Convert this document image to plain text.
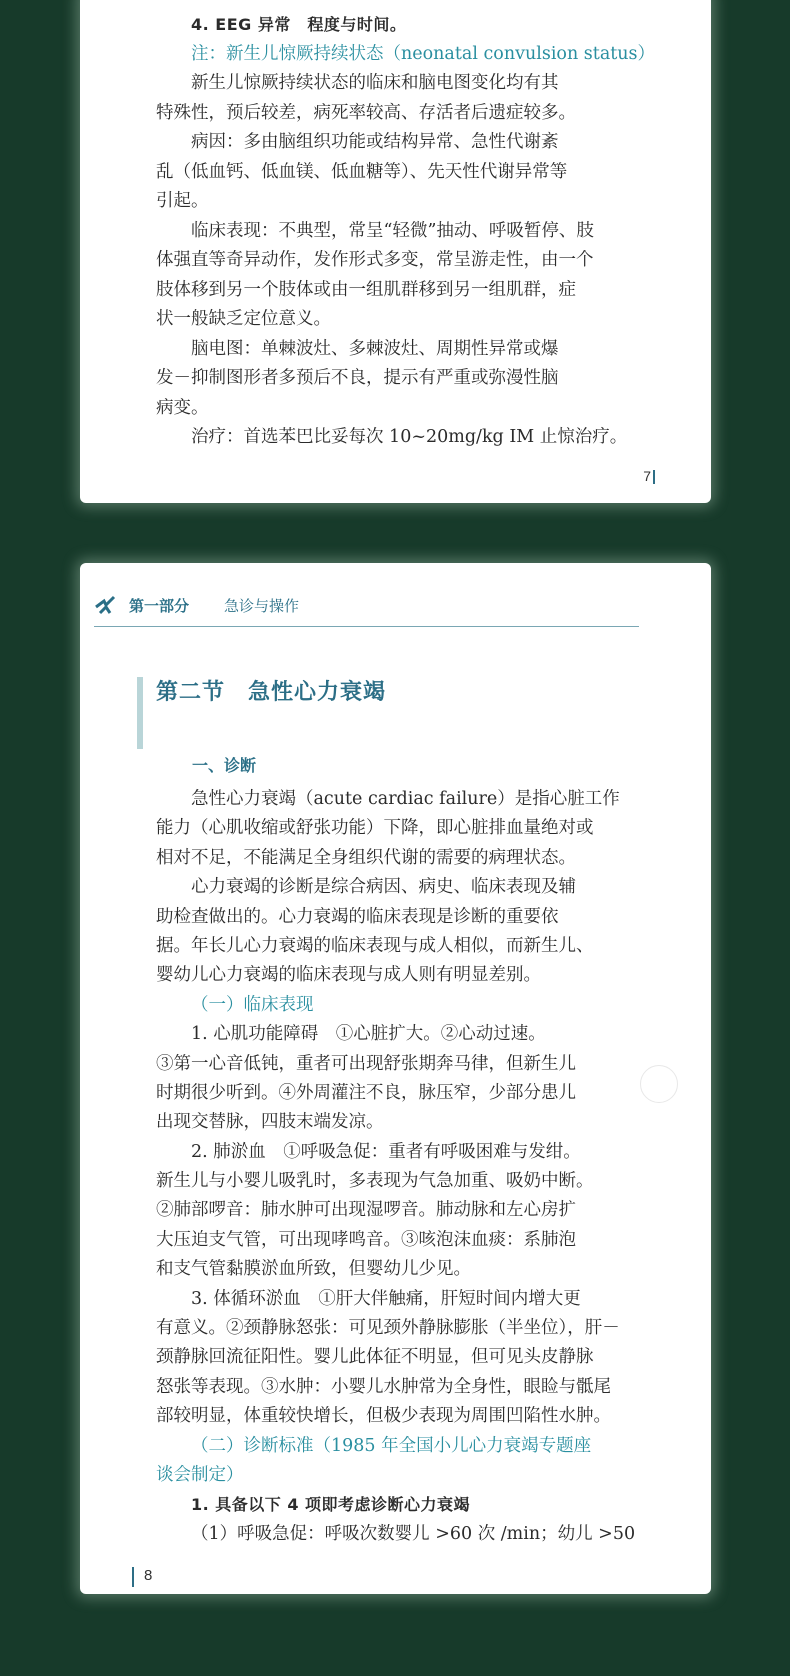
4. EEG 异常　程度与时间。
注：新生儿惊厥持续状态（neonatal convulsion status）
新生儿惊厥持续状态的临床和脑电图变化均有其
特殊性，预后较差，病死率较高、存活者后遗症较多。
病因：多由脑组织功能或结构异常、急性代谢紊
乱（低血钙、低血镁、低血糖等）、先天性代谢异常等
引起。
临床表现：不典型，常呈“轻微”抽动、呼吸暂停、肢
体强直等奇异动作，发作形式多变，常呈游走性，由一个
肢体移到另一个肢体或由一组肌群移到另一组肌群，症
状一般缺乏定位意义。
脑电图：单棘波灶、多棘波灶、周期性异常或爆
发－抑制图形者多预后不良，提示有严重或弥漫性脑
病变。
治疗：首选苯巴比妥每次 10~20mg/kg IM 止惊治疗。
7
第一部分 急诊与操作
第二节　急性心力衰竭
一、诊断
急性心力衰竭（acute cardiac failure）是指心脏工作
能力（心肌收缩或舒张功能）下降，即心脏排血量绝对或
相对不足，不能满足全身组织代谢的需要的病理状态。
心力衰竭的诊断是综合病因、病史、临床表现及辅
助检查做出的。心力衰竭的临床表现是诊断的重要依
据。年长儿心力衰竭的临床表现与成人相似，而新生儿、
婴幼儿心力衰竭的临床表现与成人则有明显差别。
（一）临床表现
1. 心肌功能障碍　①心脏扩大。②心动过速。
③第一心音低钝，重者可出现舒张期奔马律，但新生儿
时期很少听到。④外周灌注不良，脉压窄，少部分患儿
出现交替脉，四肢末端发凉。
2. 肺淤血　①呼吸急促：重者有呼吸困难与发绀。
新生儿与小婴儿吸乳时，多表现为气急加重、吸奶中断。
②肺部啰音：肺水肿可出现湿啰音。肺动脉和左心房扩
大压迫支气管，可出现哮鸣音。③咳泡沫血痰：系肺泡
和支气管黏膜淤血所致，但婴幼儿少见。
3. 体循环淤血　①肝大伴触痛，肝短时间内增大更
有意义。②颈静脉怒张：可见颈外静脉膨胀（半坐位），肝－
颈静脉回流征阳性。婴儿此体征不明显，但可见头皮静脉
怒张等表现。③水肿：小婴儿水肿常为全身性，眼睑与骶尾
部较明显，体重较快增长，但极少表现为周围凹陷性水肿。
（二）诊断标准（1985 年全国小儿心力衰竭专题座
谈会制定）
1. 具备以下 4 项即考虑诊断心力衰竭
（1）呼吸急促：呼吸次数婴儿 >60 次 /min；幼儿 >50
8
